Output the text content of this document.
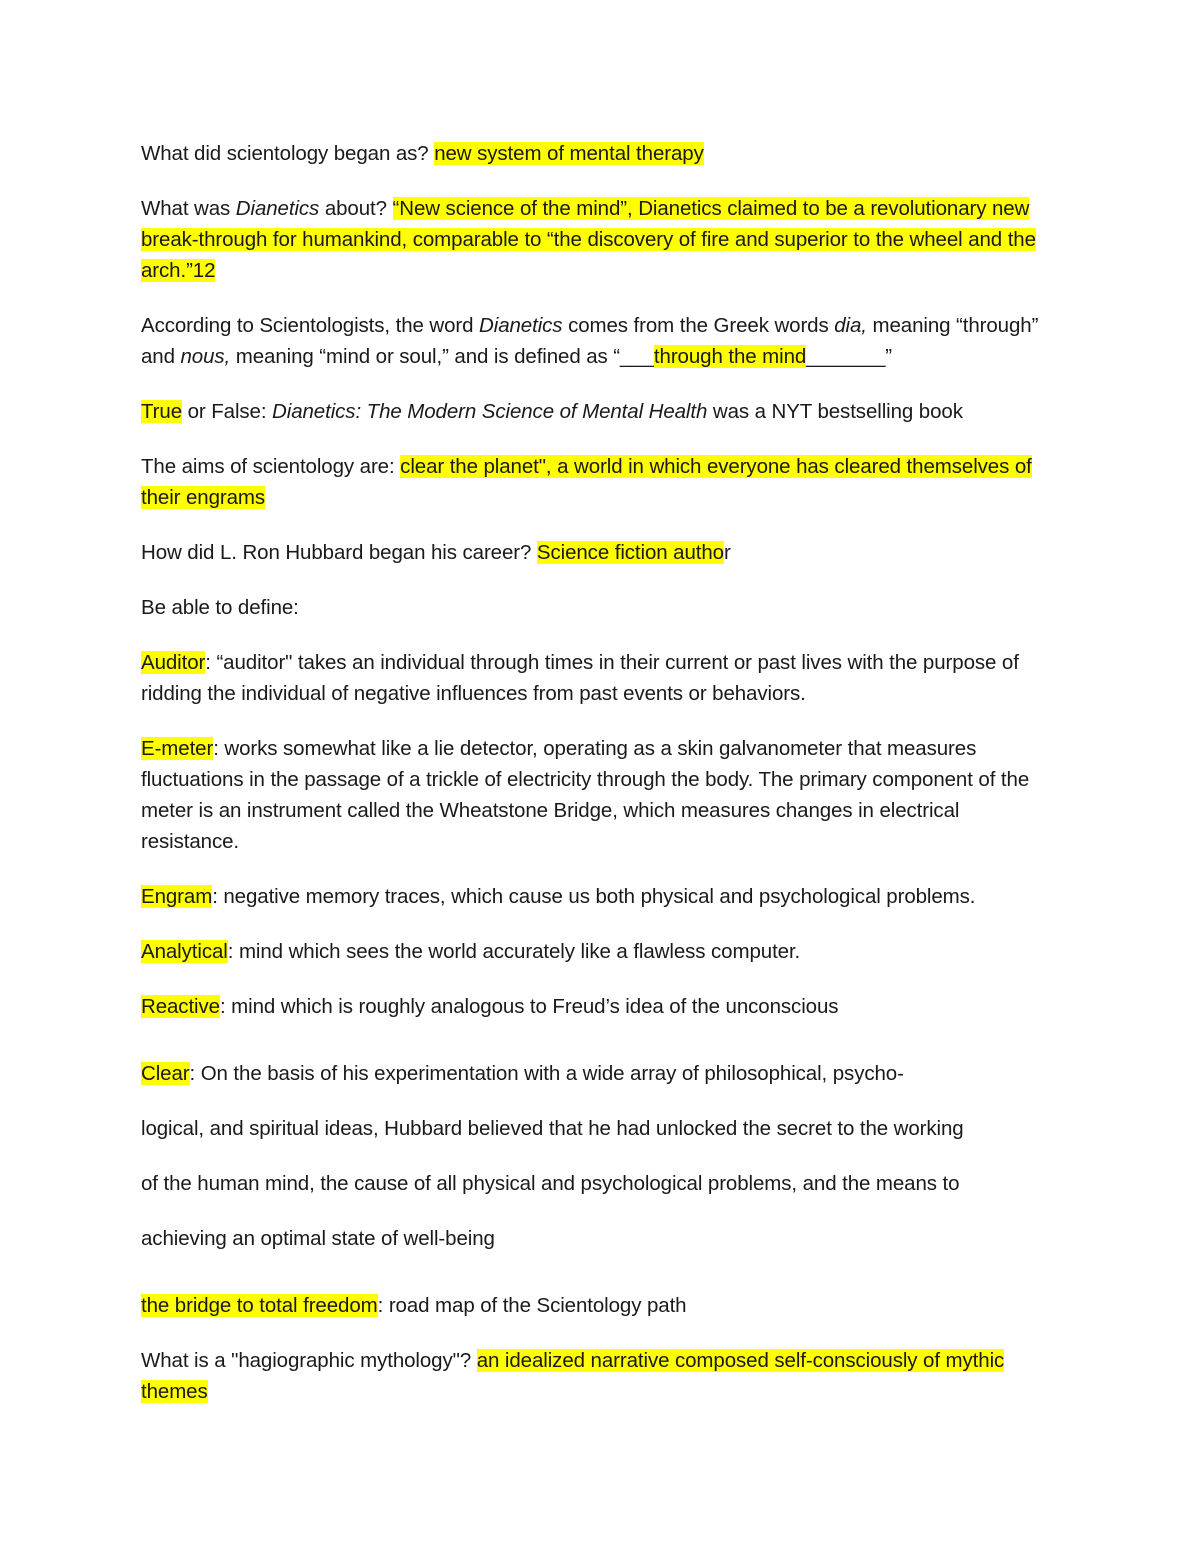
What did scientology began as? new system of mental therapy

What was Dianetics about? “New science of the mind”, Dianetics claimed to be a revolutionary new break-through for humankind, comparable to “the discovery of fire and superior to the wheel and the arch.”12

According to Scientologists, the word Dianetics comes from the Greek words dia, meaning “through” and nous, meaning “mind or soul,” and is defined as “___through the mind_______”

True or False: Dianetics: The Modern Science of Mental Health was a NYT bestselling book

The aims of scientology are: clear the planet", a world in which everyone has cleared themselves of their engrams

How did L. Ron Hubbard began his career? Science fiction author

Be able to define:

Auditor: “auditor" takes an individual through times in their current or past lives with the purpose of ridding the individual of negative influences from past events or behaviors.

E-meter: works somewhat like a lie detector, operating as a skin galvanometer that measures fluctuations in the passage of a trickle of electricity through the body. The primary component of the meter is an instrument called the Wheatstone Bridge, which measures changes in electrical resistance.

Engram: negative memory traces, which cause us both physical and psychological problems.

Analytical: mind which sees the world accurately like a flawless computer.

Reactive: mind which is roughly analogous to Freud’s idea of the unconscious

Clear: On the basis of his experimentation with a wide array of philosophical, psycho-

logical, and spiritual ideas, Hubbard believed that he had unlocked the secret to the working

of the human mind, the cause of all physical and psychological problems, and the means to

achieving an optimal state of well-being

the bridge to total freedom: road map of the Scientology path

What is a "hagiographic mythology"? an idealized narrative composed self-consciously of mythic themes
